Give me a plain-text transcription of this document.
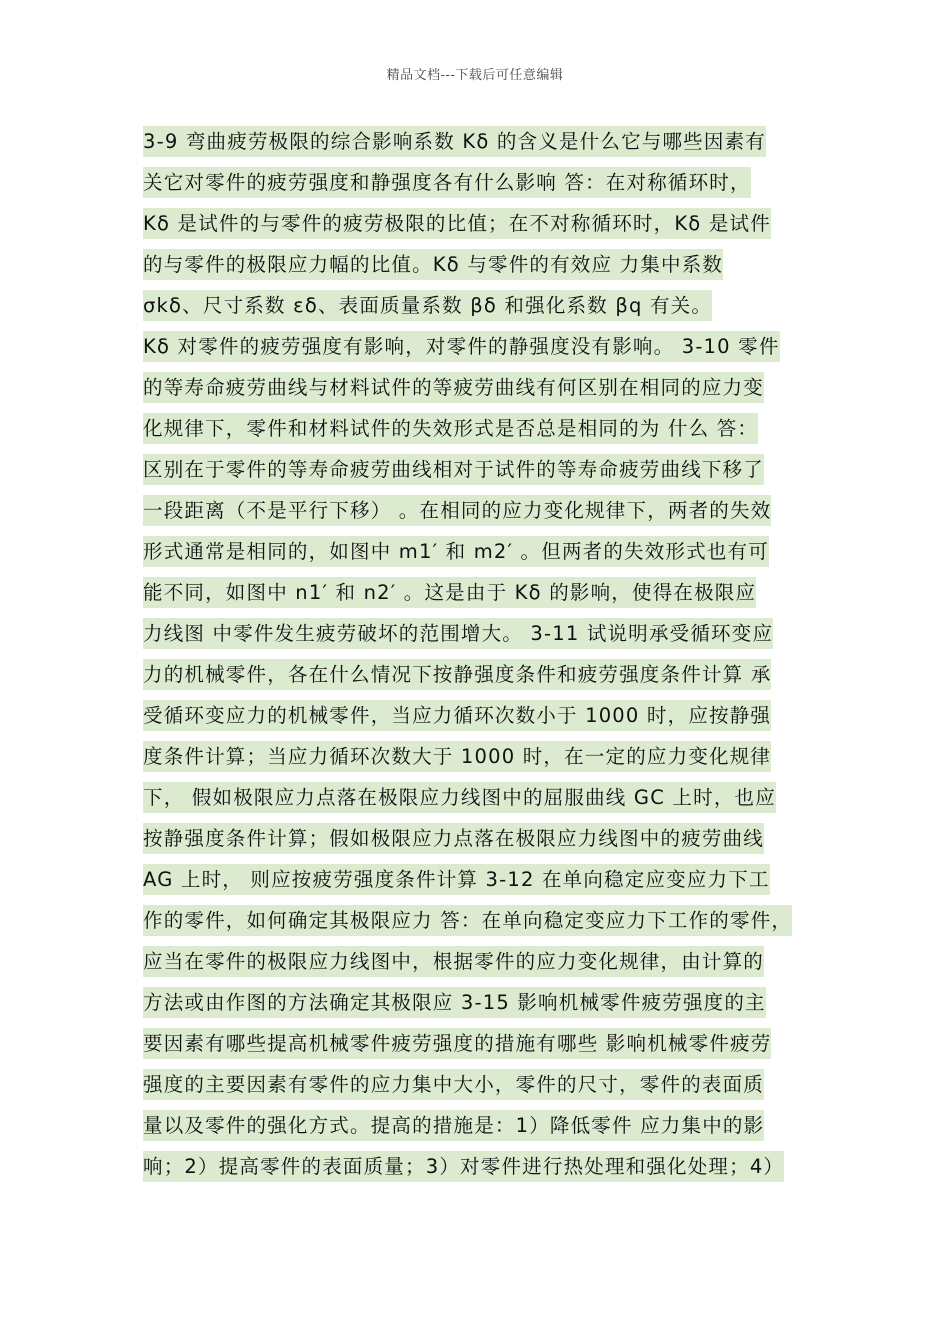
精品文档---下载后可任意编辑
3-9 弯曲疲劳极限的综合影响系数 Kδ 的含义是什么它与哪些因素有
关它对零件的疲劳强度和静强度各有什么影响 答：在对称循环时，
Kδ 是试件的与零件的疲劳极限的比值；在不对称循环时，Kδ 是试件
的与零件的极限应力幅的比值。Kδ 与零件的有效应 力集中系数
σkδ、尺寸系数 εδ、表面质量系数 βδ 和强化系数 βq 有关。
Kδ 对零件的疲劳强度有影响，对零件的静强度没有影响。 3-10 零件
的等寿命疲劳曲线与材料试件的等疲劳曲线有何区别在相同的应力变
化规律下，零件和材料试件的失效形式是否总是相同的为 什么 答：
区别在于零件的等寿命疲劳曲线相对于试件的等寿命疲劳曲线下移了
一段距离（不是平行下移） 。在相同的应力变化规律下，两者的失效
形式通常是相同的，如图中 m1′ 和 m2′ 。但两者的失效形式也有可
能不同，如图中 n1′ 和 n2′ 。这是由于 Kδ 的影响，使得在极限应
力线图 中零件发生疲劳破坏的范围增大。 3-11 试说明承受循环变应
力的机械零件，各在什么情况下按静强度条件和疲劳强度条件计算 承
受循环变应力的机械零件，当应力循环次数小于 1000 时，应按静强
度条件计算；当应力循环次数大于 1000 时，在一定的应力变化规律
下， 假如极限应力点落在极限应力线图中的屈服曲线 GC 上时，也应
按静强度条件计算；假如极限应力点落在极限应力线图中的疲劳曲线
AG 上时， 则应按疲劳强度条件计算 3-12 在单向稳定应变应力下工
作的零件，如何确定其极限应力 答：在单向稳定变应力下工作的零件，
应当在零件的极限应力线图中，根据零件的应力变化规律，由计算的
方法或由作图的方法确定其极限应 3-15 影响机械零件疲劳强度的主
要因素有哪些提高机械零件疲劳强度的措施有哪些 影响机械零件疲劳
强度的主要因素有零件的应力集中大小，零件的尺寸，零件的表面质
量以及零件的强化方式。提高的措施是：1）降低零件 应力集中的影
响；2）提高零件的表面质量；3）对零件进行热处理和强化处理；4）
